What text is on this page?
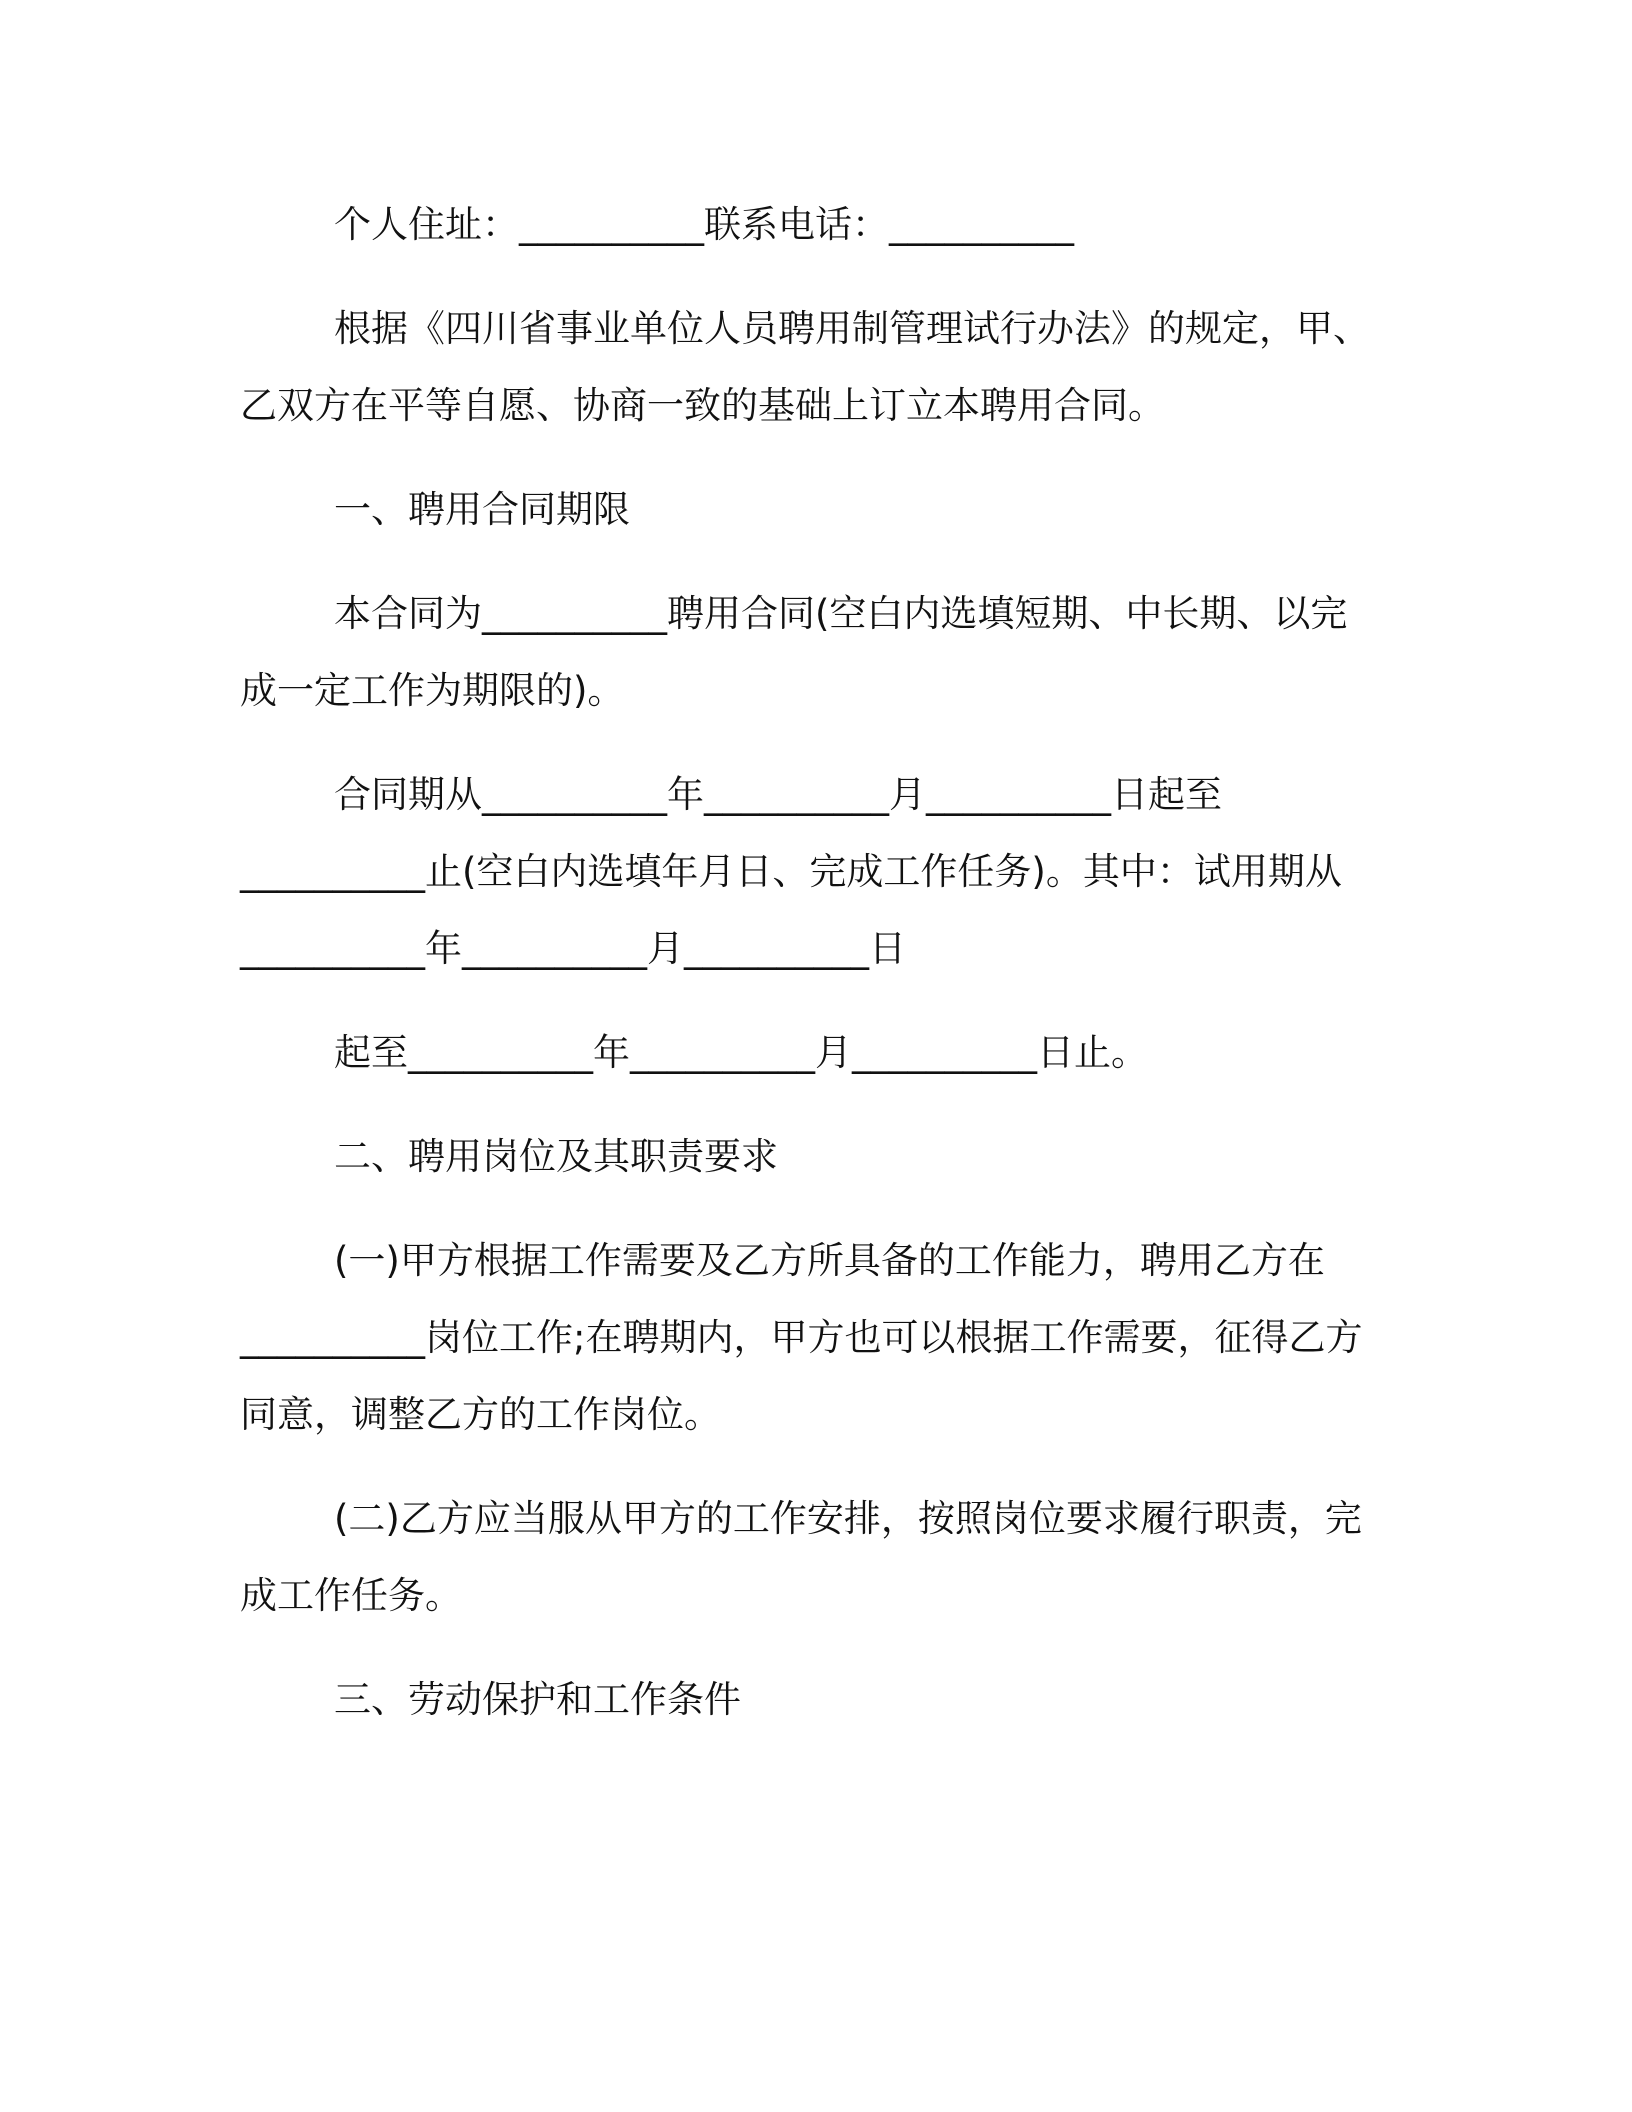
个人住址：__________联系电话：__________
根据《四川省事业单位人员聘用制管理试行办法》的规定，甲、
乙双方在平等自愿、协商一致的基础上订立本聘用合同。
一、聘用合同期限
本合同为__________聘用合同(空白内选填短期、中长期、以完
成一定工作为期限的)。
合同期从__________年__________月__________日起至
__________止(空白内选填年月日、完成工作任务)。其中：试用期从
__________年__________月__________日
起至__________年__________月__________日止。
二、聘用岗位及其职责要求
(一)甲方根据工作需要及乙方所具备的工作能力，聘用乙方在
__________岗位工作;在聘期内，甲方也可以根据工作需要，征得乙方
同意，调整乙方的工作岗位。
(二)乙方应当服从甲方的工作安排，按照岗位要求履行职责，完
成工作任务。
三、劳动保护和工作条件
